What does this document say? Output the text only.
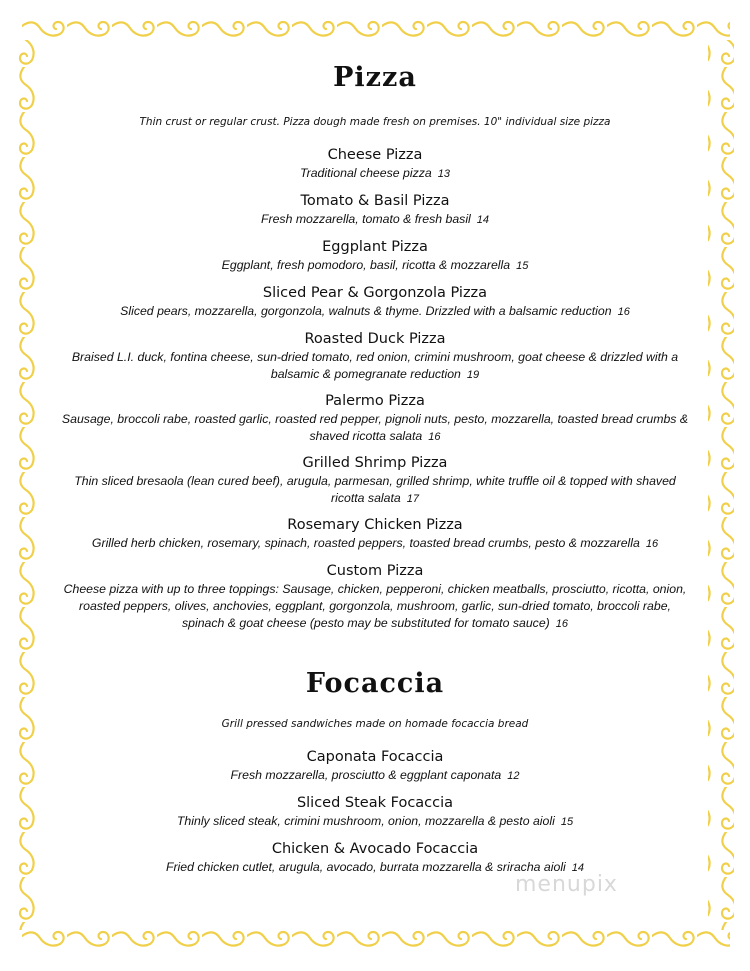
Pizza

Thin crust or regular crust. Pizza dough made fresh on premises. 10" individual size pizza

Cheese Pizza
Traditional cheese pizza 13
Tomato & Basil Pizza
Fresh mozzarella, tomato & fresh basil 14
Eggplant Pizza
Eggplant, fresh pomodoro, basil, ricotta & mozzarella 15
Sliced Pear & Gorgonzola Pizza
Sliced pears, mozzarella, gorgonzola, walnuts & thyme. Drizzled with a balsamic reduction 16
Roasted Duck Pizza
Braised L.I. duck, fontina cheese, sun-dried tomato, red onion, crimini mushroom, goat cheese & drizzled with a balsamic & pomegranate reduction 19
Palermo Pizza
Sausage, broccoli rabe, roasted garlic, roasted red pepper, pignoli nuts, pesto, mozzarella, toasted bread crumbs & shaved ricotta salata 16
Grilled Shrimp Pizza
Thin sliced bresaola (lean cured beef), arugula, parmesan, grilled shrimp, white truffle oil & topped with shaved ricotta salata 17
Rosemary Chicken Pizza
Grilled herb chicken, rosemary, spinach, roasted peppers, toasted bread crumbs, pesto & mozzarella 16
Custom Pizza
Cheese pizza with up to three toppings: Sausage, chicken, pepperoni, chicken meatballs, prosciutto, ricotta, onion, roasted peppers, olives, anchovies, eggplant, gorgonzola, mushroom, garlic, sun-dried tomato, broccoli rabe, spinach & goat cheese (pesto may be substituted for tomato sauce) 16
Focaccia

Grill pressed sandwiches made on homade focaccia bread

Caponata Focaccia
Fresh mozzarella, prosciutto & eggplant caponata 12
Sliced Steak Focaccia
Thinly sliced steak, crimini mushroom, onion, mozzarella & pesto aioli 15
Chicken & Avocado Focaccia
Fried chicken cutlet, arugula, avocado, burrata mozzarella & sriracha aioli 14
menupix
